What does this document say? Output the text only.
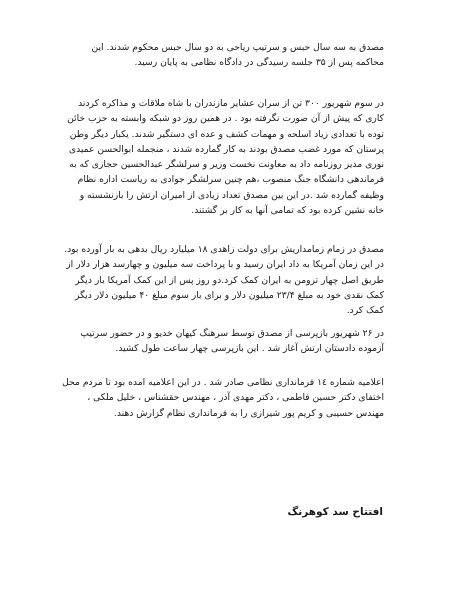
مصدق به سه سال حبس و سرتیپ ریاحی به دو سال حبس محکوم شدند. این محاکمه پس از ۳۵ جلسه رسیدگی در دادگاه نظامی به پایان رسید.

در سوم شهریور ۳۰۰ تن از سران عشایر مازندران با شاه ملاقات و مذاکره کردند کاری که پیش از آن صورت نگرفته بود . در همین روز دو شبکه وابسته به حزب خائن توده با تعدادی زیاد اسلحه و مهمات کشف و عده ای دستگیر شدند. یکبار دیگر وطن پرستان که مورد غضب مصدق بودند به کار گمارده شدند ، منجمله ابوالحسن عمیدی نوری مدیر روزنامه داد به معاونت نخست وزیر و سرلشگر عبدالحسین حجازی که به فرماندهی دانشگاه جنگ منصوب ،هم چنین سرلشگر جوادی به ریاست اداره نظام وظیفه گمارده شد .در این بین مصدق تعداد زیادی از امیران ارتش را بازنشسته و خانه نشین کرده بود که تمامی آنها به کار بر گشتند.

مصدق در زمام زمامداریش برای دولت زاهدی ۱۸ میلیارد ریال بدهی به بار آورده بود. در این زمان آمریکا به داد ایران رسید و با پرداخت سه میلیون و چهارسد هزار دلار از طریق اصل چهار ترومن به ایران کمک کرد.دو روز پس از این کمک آمریکا بار دیگر کمک نقدی خود به مبلغ ۲۳/۴ میلیون دلار و برای بار سوم مبلغ ۴۰ میلیون دلار دیگر کمک کرد.

در ۲۶ شهریور بازپرسی از مصدق توسط سرهنگ کیهان خدیو و در حضور سرتیپ آزموده دادستان ارتش آغاز شد . این بازپرسی چهار ساعت طول کشید.

اعلامیه شماره ۱٤ فرمانداری نظامی صادر شد . در این اعلامیه امده بود تا مردم محل اختفای دکتر حسین فاطمی ، دکتر مهدی آذر ، مهندس حقشناس ، خلیل ملکی ، مهندس حسیبی و کریم پور شیرازی را به فرمانداری نظام گزارش دهند.

افتتاح سد کوهرنگ
